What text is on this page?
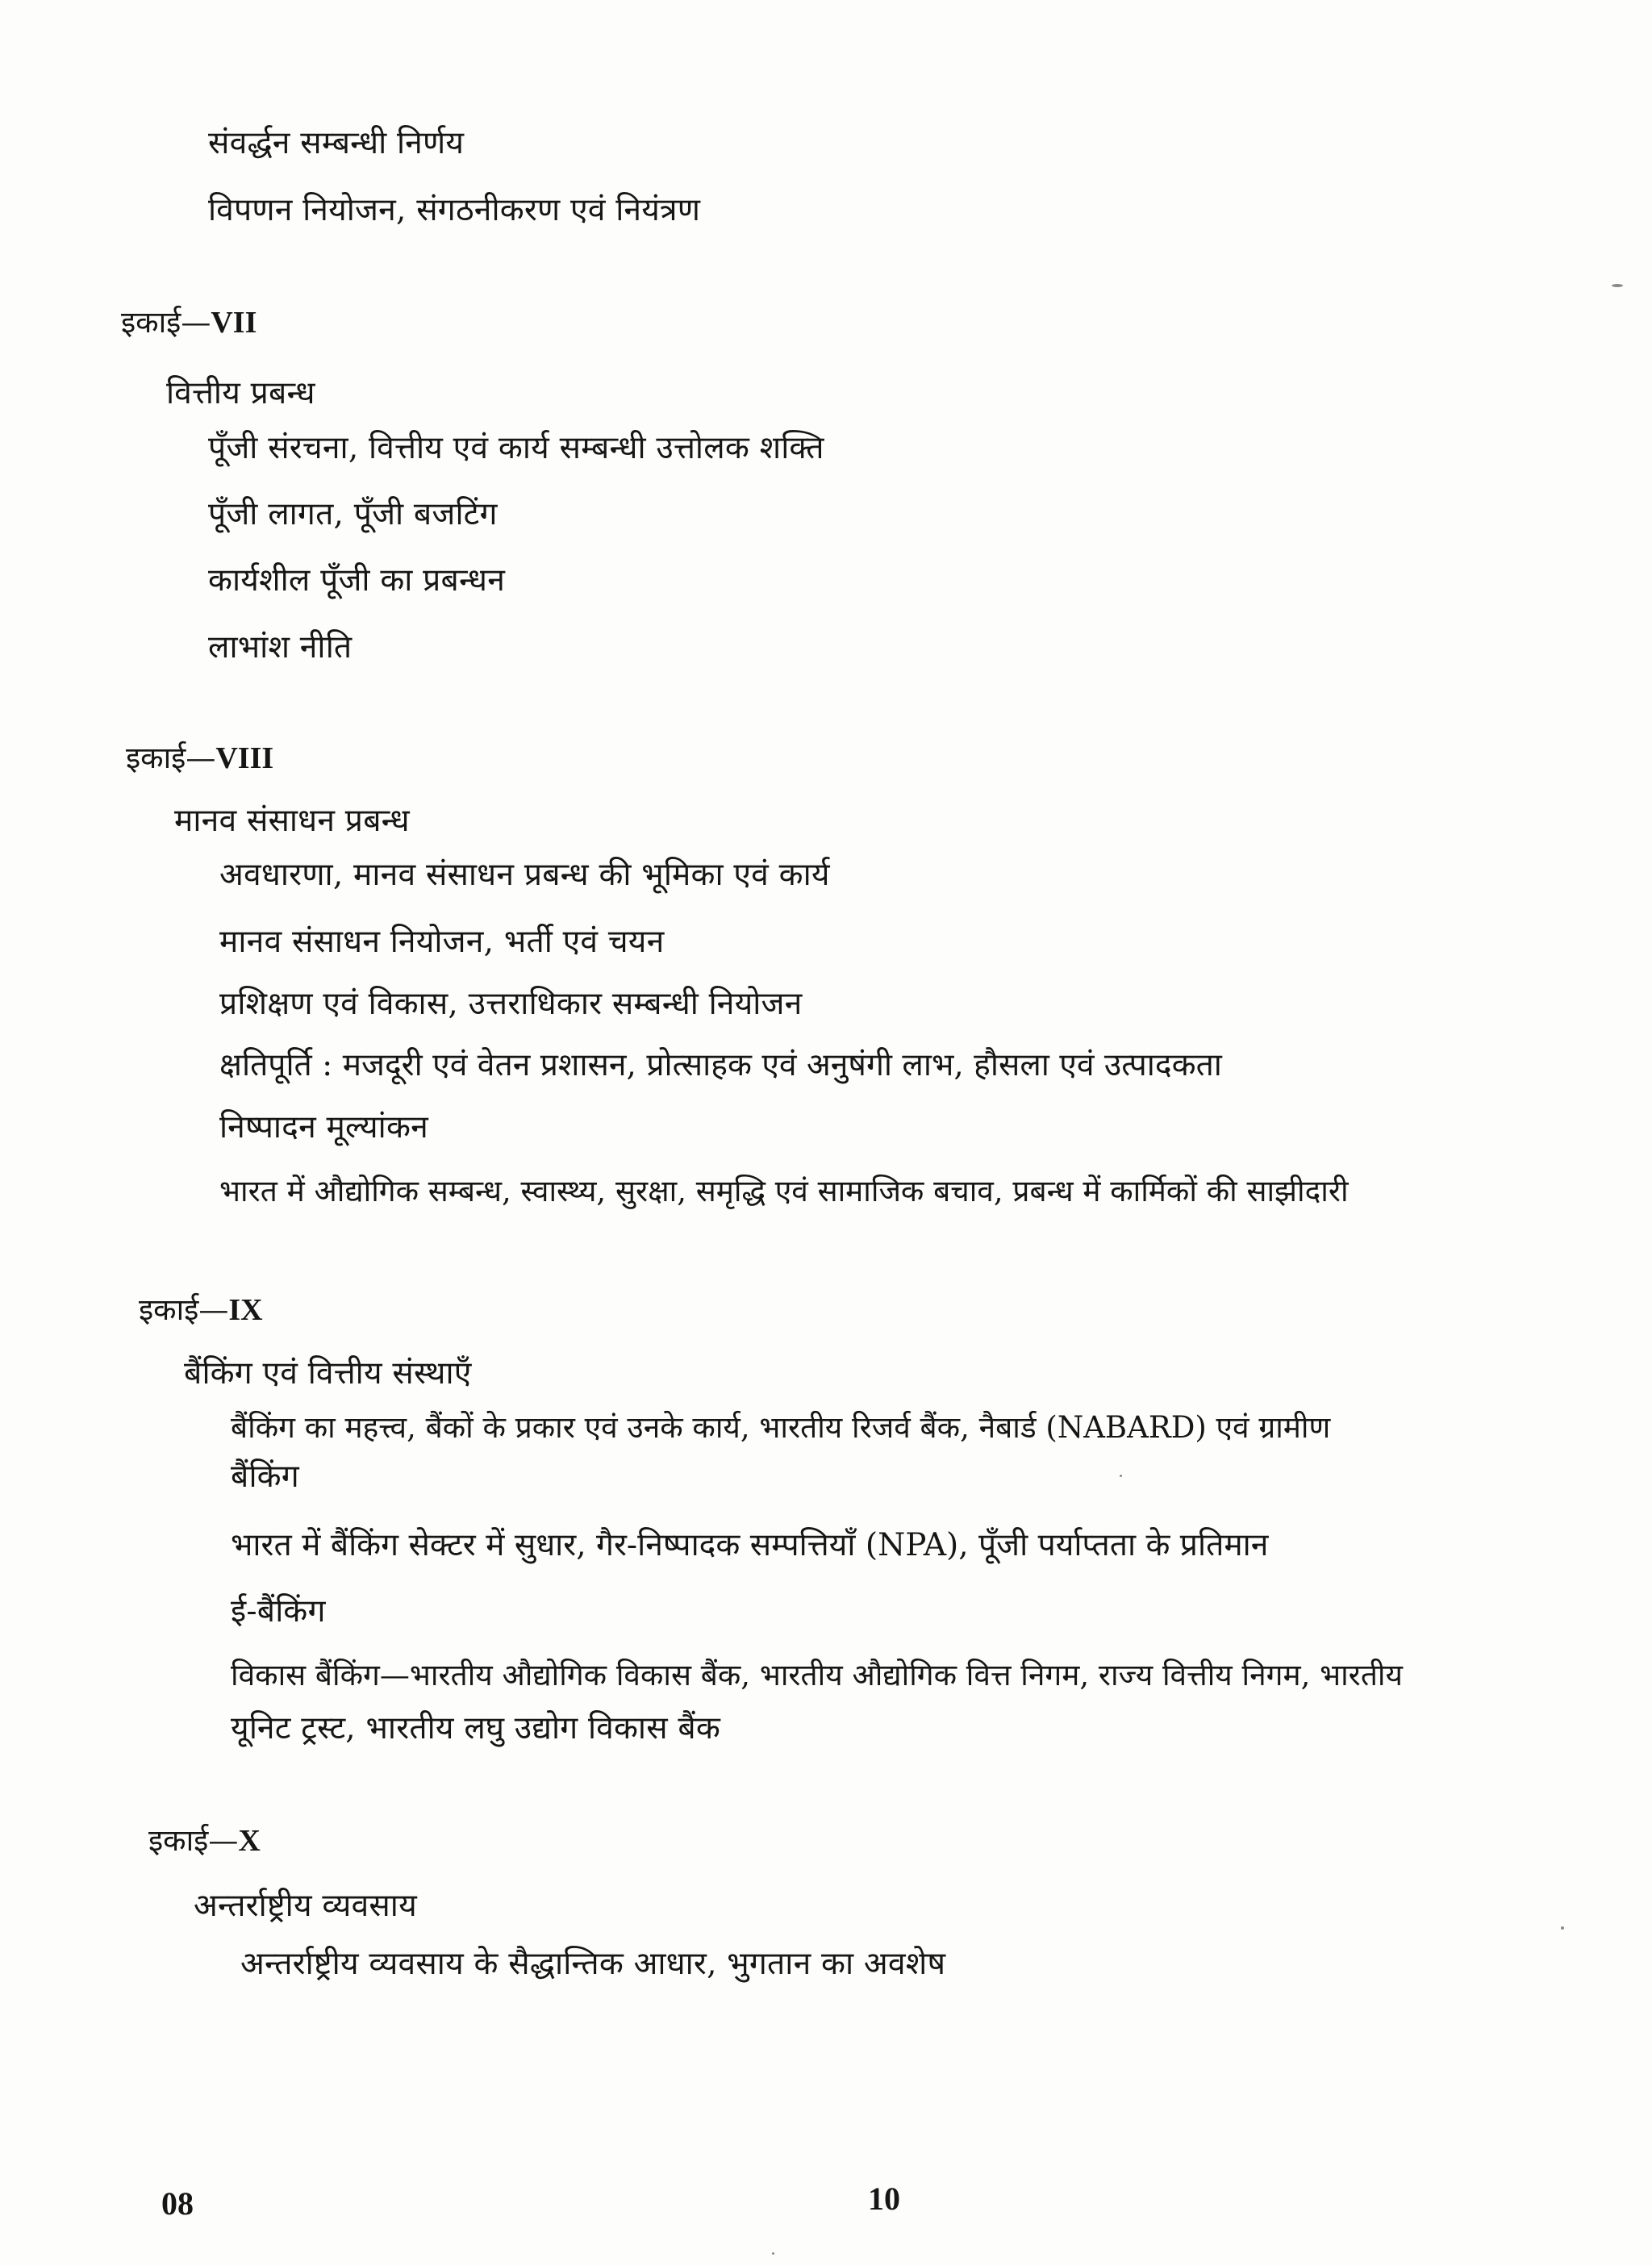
संवर्द्धन सम्बन्धी निर्णय
विपणन नियोजन, संगठनीकरण एवं नियंत्रण
इकाई—VII
वित्तीय प्रबन्ध
पूँजी संरचना, वित्तीय एवं कार्य सम्बन्धी उत्तोलक शक्ति
पूँजी लागत, पूँजी बजटिंग
कार्यशील पूँजी का प्रबन्धन
लाभांश नीति
इकाई—VIII
मानव संसाधन प्रबन्ध
अवधारणा, मानव संसाधन प्रबन्ध की भूमिका एवं कार्य
मानव संसाधन नियोजन, भर्ती एवं चयन
प्रशिक्षण एवं विकास, उत्तराधिकार सम्बन्धी नियोजन
क्षतिपूर्ति : मजदूरी एवं वेतन प्रशासन, प्रोत्साहक एवं अनुषंगी लाभ, हौसला एवं उत्पादकता
निष्पादन मूल्यांकन
भारत में औद्योगिक सम्बन्ध, स्वास्थ्य, सुरक्षा, समृद्धि एवं सामाजिक बचाव, प्रबन्ध में कार्मिकों की साझीदारी
इकाई—IX
बैंकिंग एवं वित्तीय संस्थाएँ
बैंकिंग का महत्त्व, बैंकों के प्रकार एवं उनके कार्य, भारतीय रिजर्व बैंक, नैबार्ड (NABARD) एवं ग्रामीण
बैंकिंग
भारत में बैंकिंग सेक्टर में सुधार, गैर-निष्पादक सम्पत्तियाँ (NPA), पूँजी पर्याप्तता के प्रतिमान
ई-बैंकिंग
विकास बैंकिंग—भारतीय औद्योगिक विकास बैंक, भारतीय औद्योगिक वित्त निगम, राज्य वित्तीय निगम, भारतीय
यूनिट ट्रस्ट, भारतीय लघु उद्योग विकास बैंक
इकाई—X
अन्तर्राष्ट्रीय व्यवसाय
अन्तर्राष्ट्रीय व्यवसाय के सैद्धान्तिक आधार, भुगतान का अवशेष
08	10
